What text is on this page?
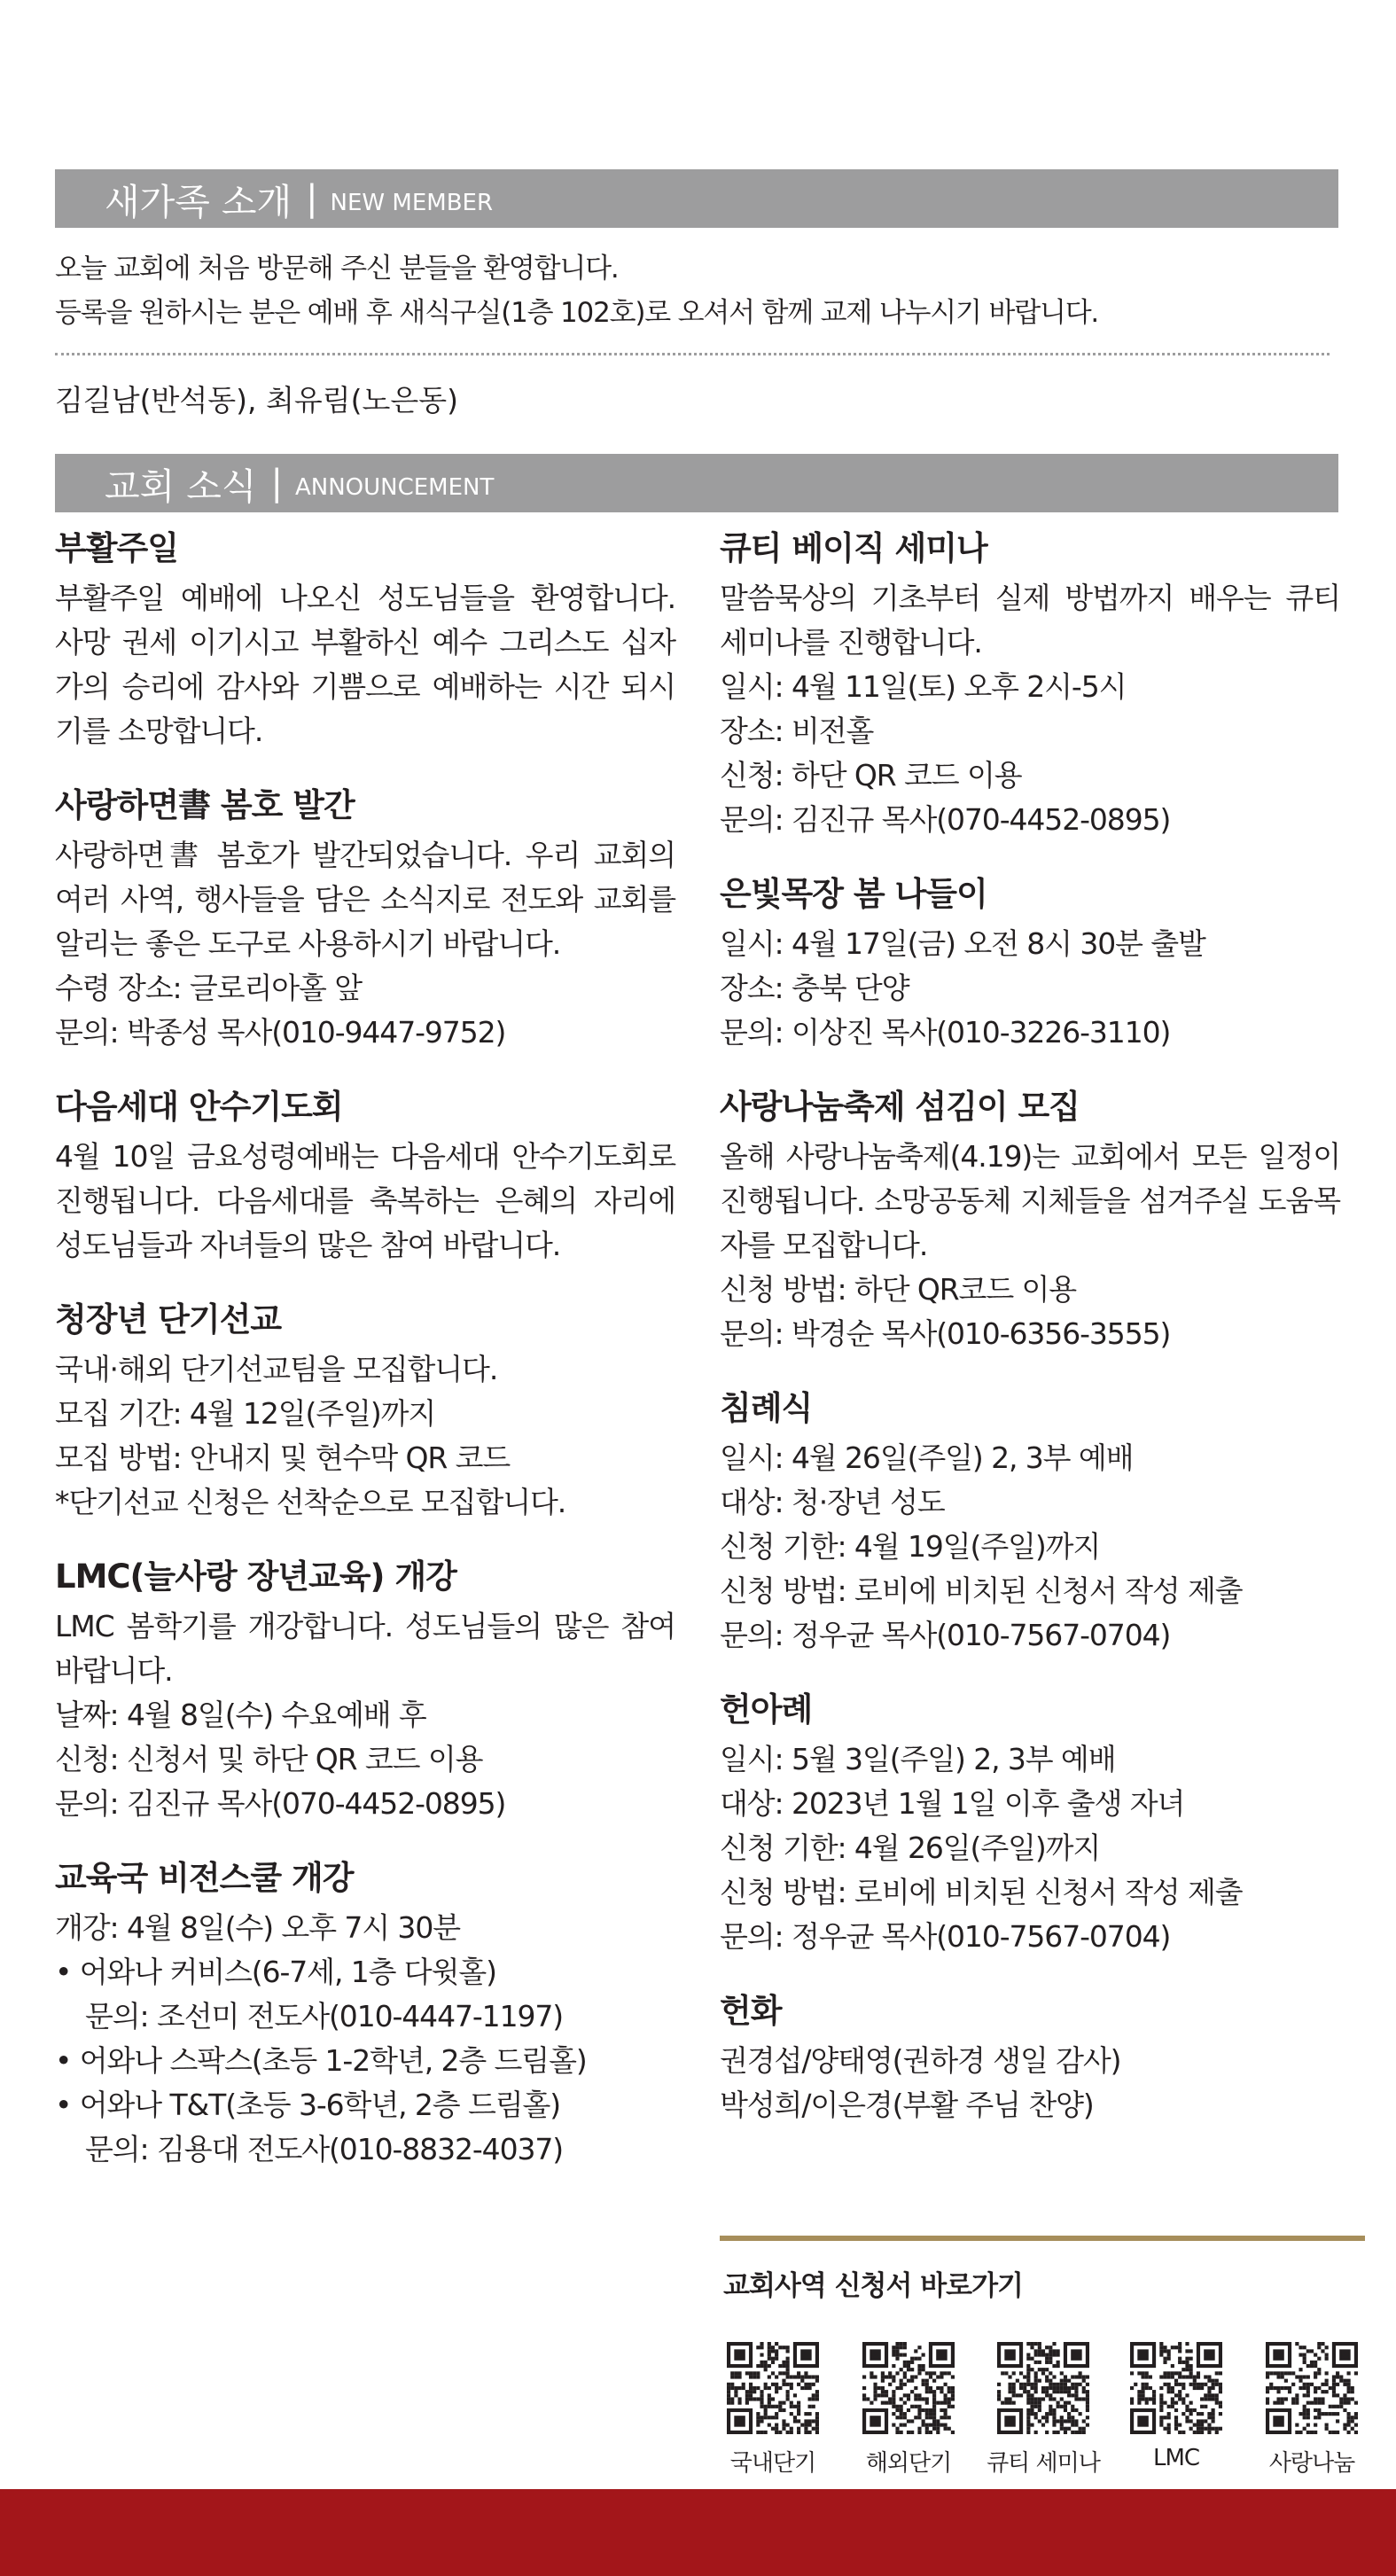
새가족 소개 | NEW MEMBER
오늘 교회에 처음 방문해 주신 분들을 환영합니다.
등록을 원하시는 분은 예배 후 새식구실(1층 102호)로 오셔서 함께 교제 나누시기 바랍니다.
김길남(반석동), 최유림(노은동)
교회 소식 | ANNOUNCEMENT
부활주일
부활주일 예배에 나오신 성도님들을 환영합니다. 사망 권세 이기시고 부활하신 예수 그리스도 십자가의 승리에 감사와 기쁨으로 예배하는 시간 되시기를 소망합니다.
사랑하면書 봄호 발간
사랑하면書 봄호가 발간되었습니다. 우리 교회의 여러 사역, 행사들을 담은 소식지로 전도와 교회를 알리는 좋은 도구로 사용하시기 바랍니다.
수령 장소: 글로리아홀 앞
문의: 박종성 목사(010-9447-9752)
다음세대 안수기도회
4월 10일 금요성령예배는 다음세대 안수기도회로 진행됩니다. 다음세대를 축복하는 은혜의 자리에 성도님들과 자녀들의 많은 참여 바랍니다.
청장년 단기선교
국내·해외 단기선교팀을 모집합니다.
모집 기간: 4월 12일(주일)까지
모집 방법: 안내지 및 현수막 QR 코드
*단기선교 신청은 선착순으로 모집합니다.
LMC(늘사랑 장년교육) 개강
LMC 봄학기를 개강합니다. 성도님들의 많은 참여 바랍니다.
날짜: 4월 8일(수) 수요예배 후
신청: 신청서 및 하단 QR 코드 이용
문의: 김진규 목사(070-4452-0895)
교육국 비전스쿨 개강
개강: 4월 8일(수) 오후 7시 30분
• 어와나 커비스(6-7세, 1층 다윗홀)
문의: 조선미 전도사(010-4447-1197)
• 어와나 스팍스(초등 1-2학년, 2층 드림홀)
• 어와나 T&T(초등 3-6학년, 2층 드림홀)
문의: 김용대 전도사(010-8832-4037)
큐티 베이직 세미나
말씀묵상의 기초부터 실제 방법까지 배우는 큐티 세미나를 진행합니다.
일시: 4월 11일(토) 오후 2시-5시
장소: 비전홀
신청: 하단 QR 코드 이용
문의: 김진규 목사(070-4452-0895)
은빛목장 봄 나들이
일시: 4월 17일(금) 오전 8시 30분 출발
장소: 충북 단양
문의: 이상진 목사(010-3226-3110)
사랑나눔축제 섬김이 모집
올해 사랑나눔축제(4.19)는 교회에서 모든 일정이 진행됩니다. 소망공동체 지체들을 섬겨주실 도움목자를 모집합니다.
신청 방법: 하단 QR코드 이용
문의: 박경순 목사(010-6356-3555)
침례식
일시: 4월 26일(주일) 2, 3부 예배
대상: 청·장년 성도
신청 기한: 4월 19일(주일)까지
신청 방법: 로비에 비치된 신청서 작성 제출
문의: 정우균 목사(010-7567-0704)
헌아례
일시: 5월 3일(주일) 2, 3부 예배
대상: 2023년 1월 1일 이후 출생 자녀
신청 기한: 4월 26일(주일)까지
신청 방법: 로비에 비치된 신청서 작성 제출
문의: 정우균 목사(010-7567-0704)
헌화
권경섭/양태영(권하경 생일 감사)
박성희/이은경(부활 주님 찬양)
교회사역 신청서 바로가기
국내단기	해외단기	큐티 세미나	LMC	사랑나눔
